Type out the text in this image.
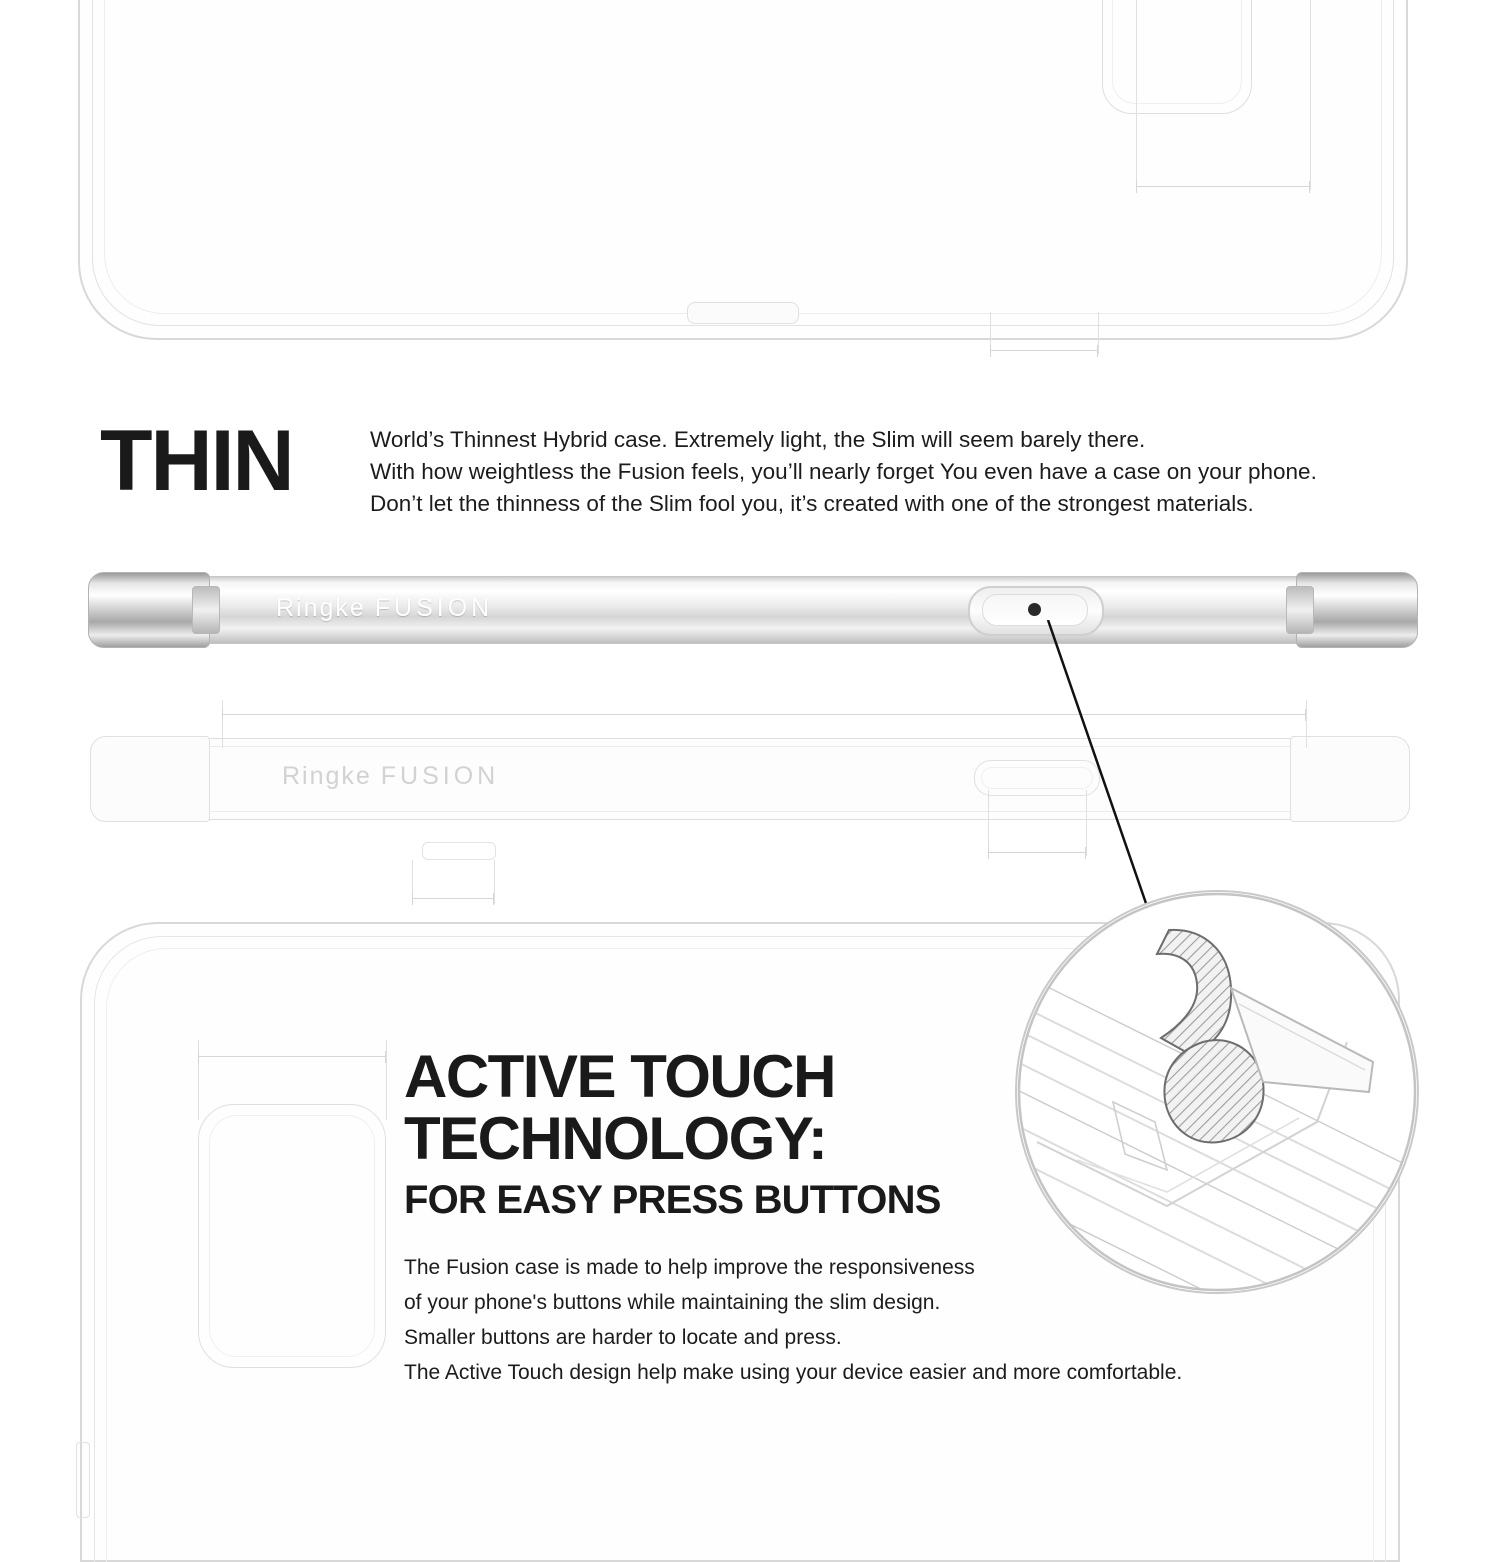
THIN	World’s Thinnest Hybrid case. Extremely light, the Slim will seem barely there.
With how weightless the Fusion feels, you’ll nearly forget You even have a case on your phone.
Don’t let the thinness of the Slim fool you, it’s created with one of the strongest materials.
Ringke FUSION
Ringke FUSION
ACTIVE TOUCH
TECHNOLOGY:
FOR EASY PRESS BUTTONS
The Fusion case is made to help improve the responsiveness
of your phone's buttons while maintaining the slim design.
Smaller buttons are harder to locate and press.
The Active Touch design help make using your device easier and more comfortable.
